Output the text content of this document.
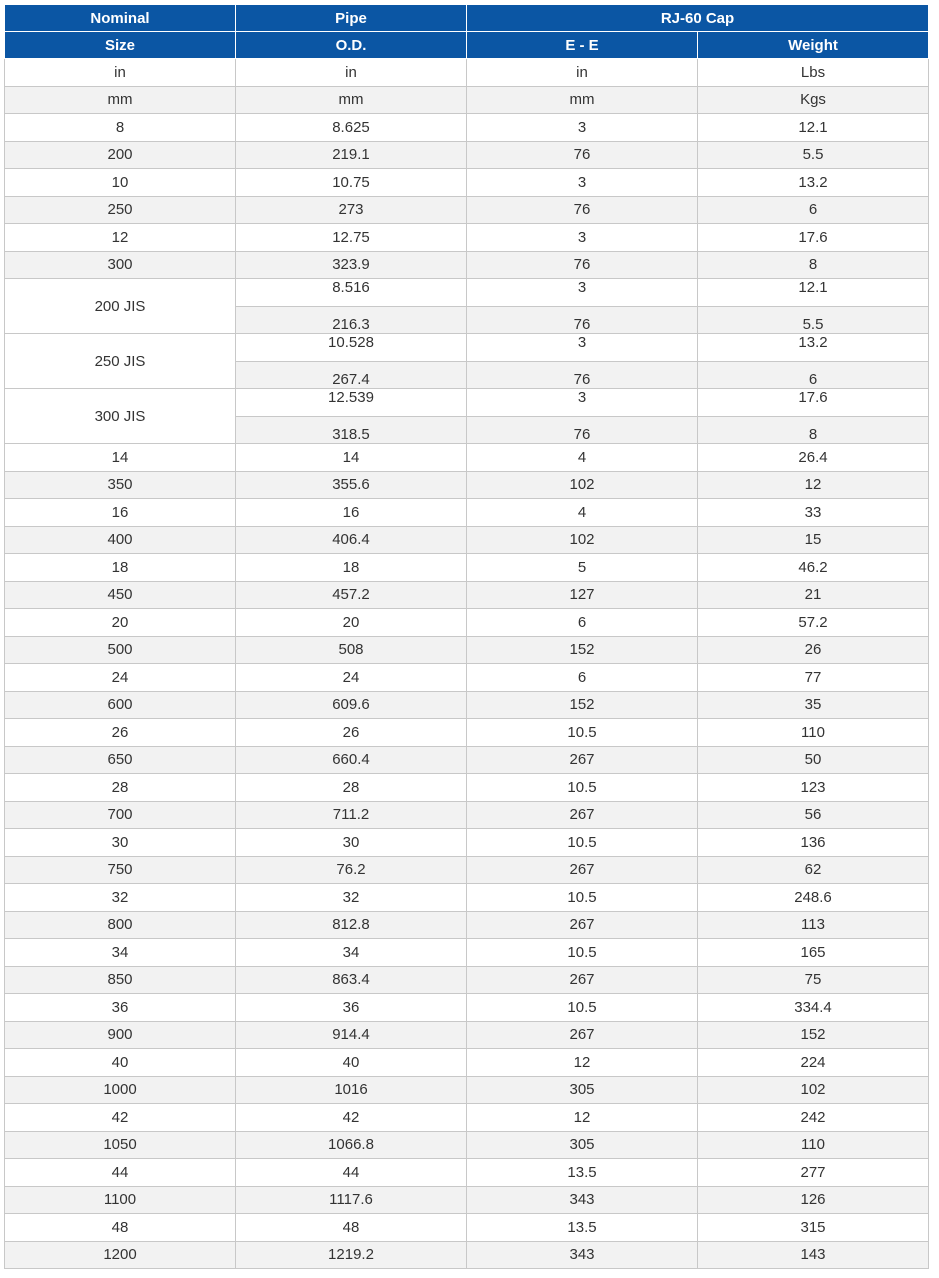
Nominal	Pipe	RJ-60 Cap	
Size	O.D.	E - E	Weight
in	in	in	Lbs
mm	mm	mm	Kgs
8	8.625	3	12.1
200	219.1	76	5.5
10	10.75	3	13.2
250	273	76	6
12	12.75	3	17.6
300	323.9	76	8
200 JIS	8.516	3	12.1
	216.3	76	5.5
250 JIS	10.528	3	13.2
	267.4	76	6
300 JIS	12.539	3	17.6
	318.5	76	8
14	14	4	26.4
350	355.6	102	12
16	16	4	33
400	406.4	102	15
18	18	5	46.2
450	457.2	127	21
20	20	6	57.2
500	508	152	26
24	24	6	77
600	609.6	152	35
26	26	10.5	110
650	660.4	267	50
28	28	10.5	123
700	711.2	267	56
30	30	10.5	136
750	76.2	267	62
32	32	10.5	248.6
800	812.8	267	113
34	34	10.5	165
850	863.4	267	75
36	36	10.5	334.4
900	914.4	267	152
40	40	12	224
1000	1016	305	102
42	42	12	242
1050	1066.8	305	110
44	44	13.5	277
1100	1117.6	343	126
48	48	13.5	315
1200	1219.2	343	143
